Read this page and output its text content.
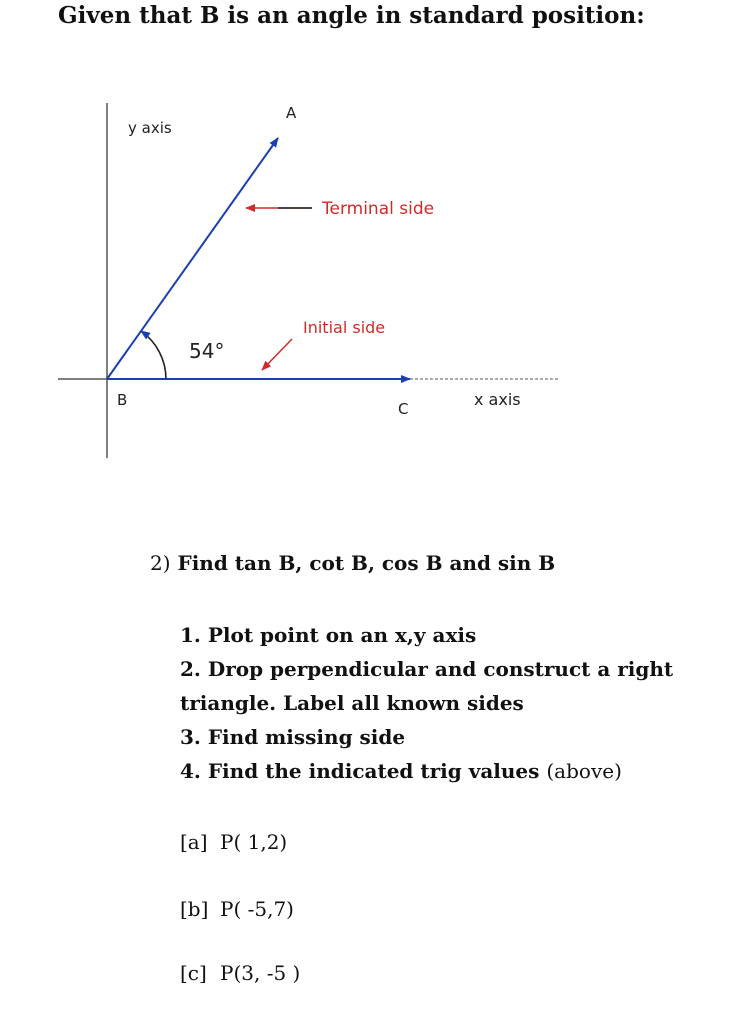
Given that B is an angle in standard position:
y axis
A
Terminal side
Initial side
54°
B	C	x axis
2) Find tan B, cot B, cos B and sin B
1. Plot point on an x,y axis
2. Drop perpendicular and construct a right triangle. Label all known sides
3. Find missing side
4. Find the indicated trig values (above)
[a] P( 1,2)
[b] P( -5,7)
[c] P(3, -5 )
